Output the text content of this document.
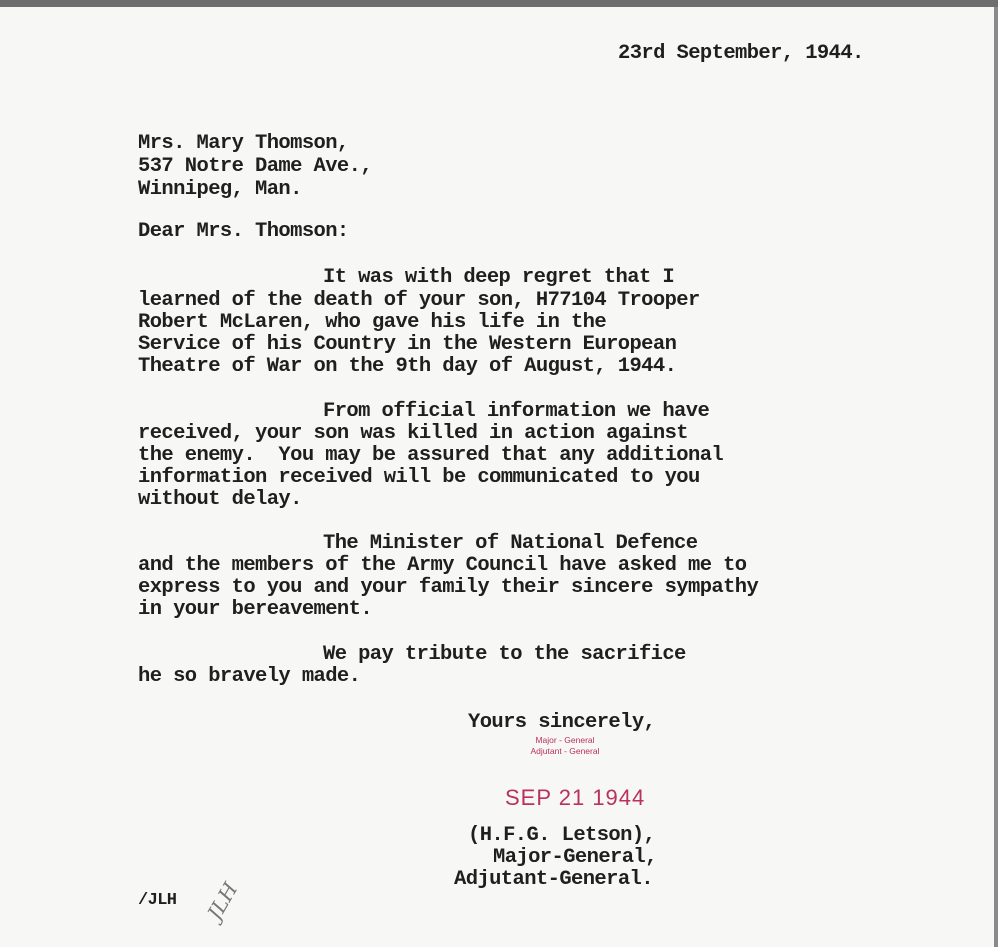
23rd September, 1944.
Mrs. Mary Thomson,
537 Notre Dame Ave.,
Winnipeg, Man.
Dear Mrs. Thomson:
It was with deep regret that I
learned of the death of your son, H77104 Trooper
Robert McLaren, who gave his life in the
Service of his Country in the Western European
Theatre of War on the 9th day of August, 1944.
From official information we have
received, your son was killed in action against
the enemy.  You may be assured that any additional
information received will be communicated to you
without delay.
The Minister of National Defence
and the members of the Army Council have asked me to
express to you and your family their sincere sympathy
in your bereavement.
We pay tribute to the sacrifice
he so bravely made.
Yours sincerely,
Major - General
Adjutant - General
SEP 21 1944
(H.F.G. Letson),
Major-General,
Adjutant-General.
/JLH JLH
